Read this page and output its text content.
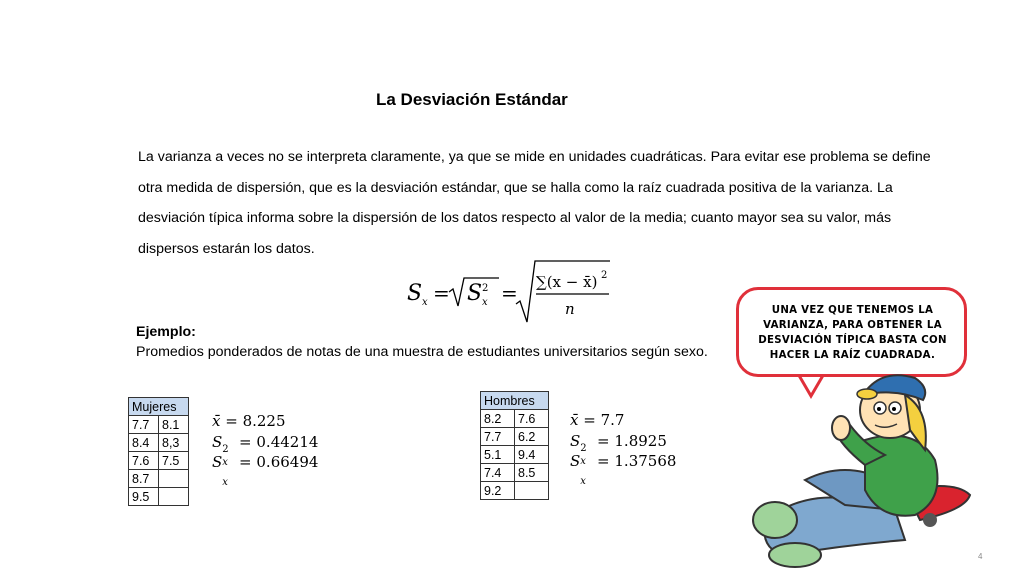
La Desviación Estándar
La varianza a veces no se interpreta claramente, ya que se mide en unidades cuadráticas. Para evitar ese problema se define otra medida de dispersión, que es la desviación estándar, que se halla como la raíz cuadrada positiva de la varianza. La desviación típica informa sobre la dispersión de los datos respecto al valor de la media; cuanto mayor sea su valor, más dispersos estarán los datos.
S x = S 2
x = ∑(x − x̄) 2
n
Ejemplo:
Promedios ponderados de notas de una muestra de estudiantes universitarios según sexo.
Mujeres	
7.7	8.1
8.4	8,3
7.6	7.5
8.7	
9.5	
x̄ = 8.225
S 2
x
= 0.44214
S
x
= 0.66494
Hombres	
8.2	7.6
7.7	6.2
5.1	9.4
7.4	8.5
9.2	
x̄ = 7.7
S 2
x
= 1.8925
S
x
= 1.37568
UNA VEZ QUE TENEMOS LA
VARIANZA, PARA OBTENER LA
DESVIACIÓN TÍPICA BASTA CON
HACER LA RAÍZ CUADRADA.
4
